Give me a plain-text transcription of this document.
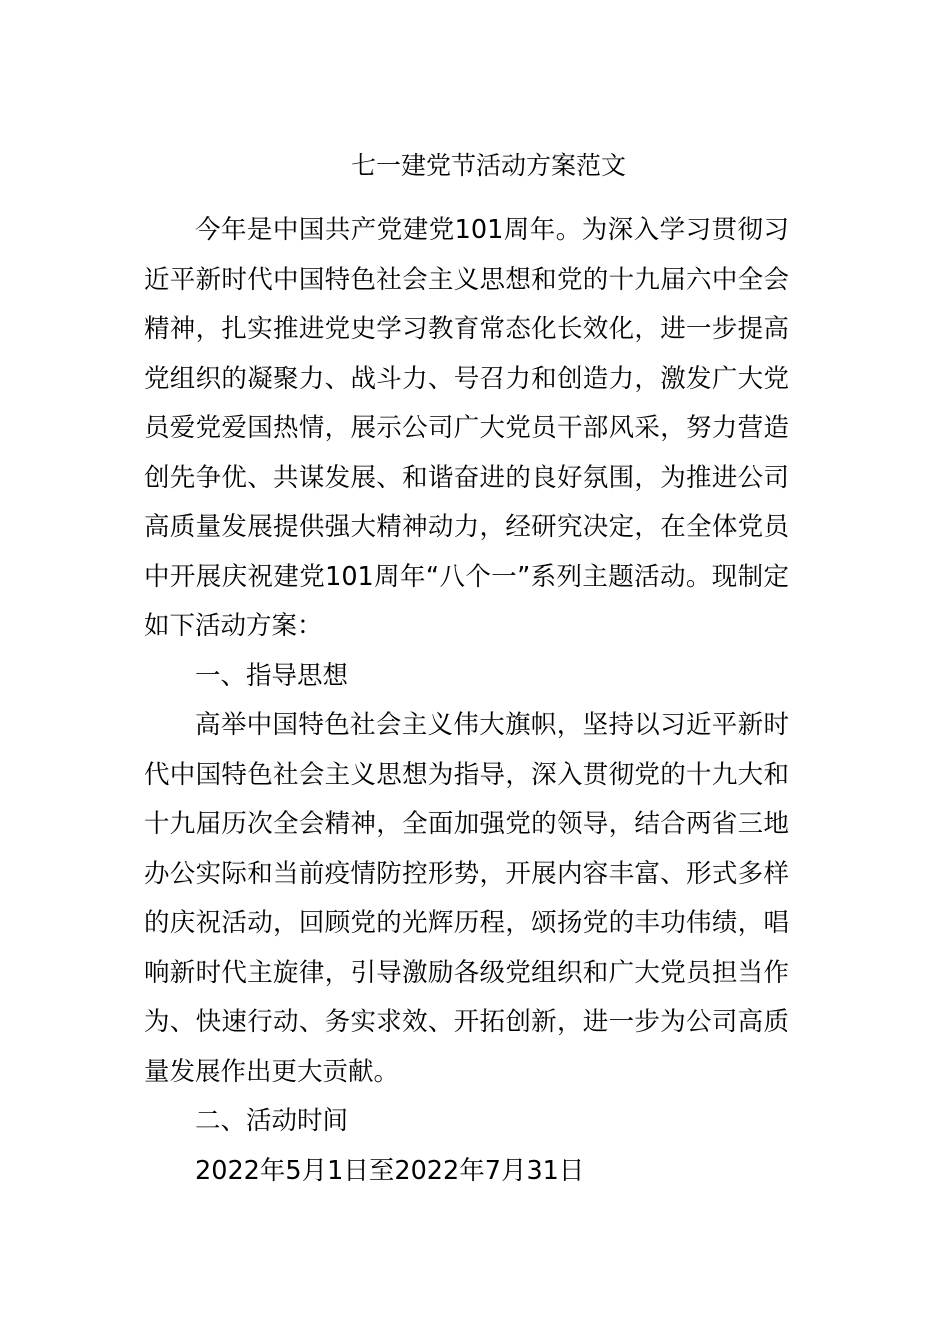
七一建党节活动方案范文

今年是中国共产党建党101周年。为深入学习贯彻习近平新时代中国特色社会主义思想和党的十九届六中全会精神，扎实推进党史学习教育常态化长效化，进一步提高党组织的凝聚力、战斗力、号召力和创造力，激发广大党员爱党爱国热情，展示公司广大党员干部风采，努力营造创先争优、共谋发展、和谐奋进的良好氛围，为推进公司高质量发展提供强大精神动力，经研究决定，在全体党员中开展庆祝建党101周年“八个一”系列主题活动。现制定如下活动方案：

一、指导思想

高举中国特色社会主义伟大旗帜，坚持以习近平新时代中国特色社会主义思想为指导，深入贯彻党的十九大和十九届历次全会精神，全面加强党的领导，结合两省三地办公实际和当前疫情防控形势，开展内容丰富、形式多样的庆祝活动，回顾党的光辉历程，颂扬党的丰功伟绩，唱响新时代主旋律，引导激励各级党组织和广大党员担当作为、快速行动、务实求效、开拓创新，进一步为公司高质量发展作出更大贡献。

二、活动时间

2022年5月1日至2022年7月31日
